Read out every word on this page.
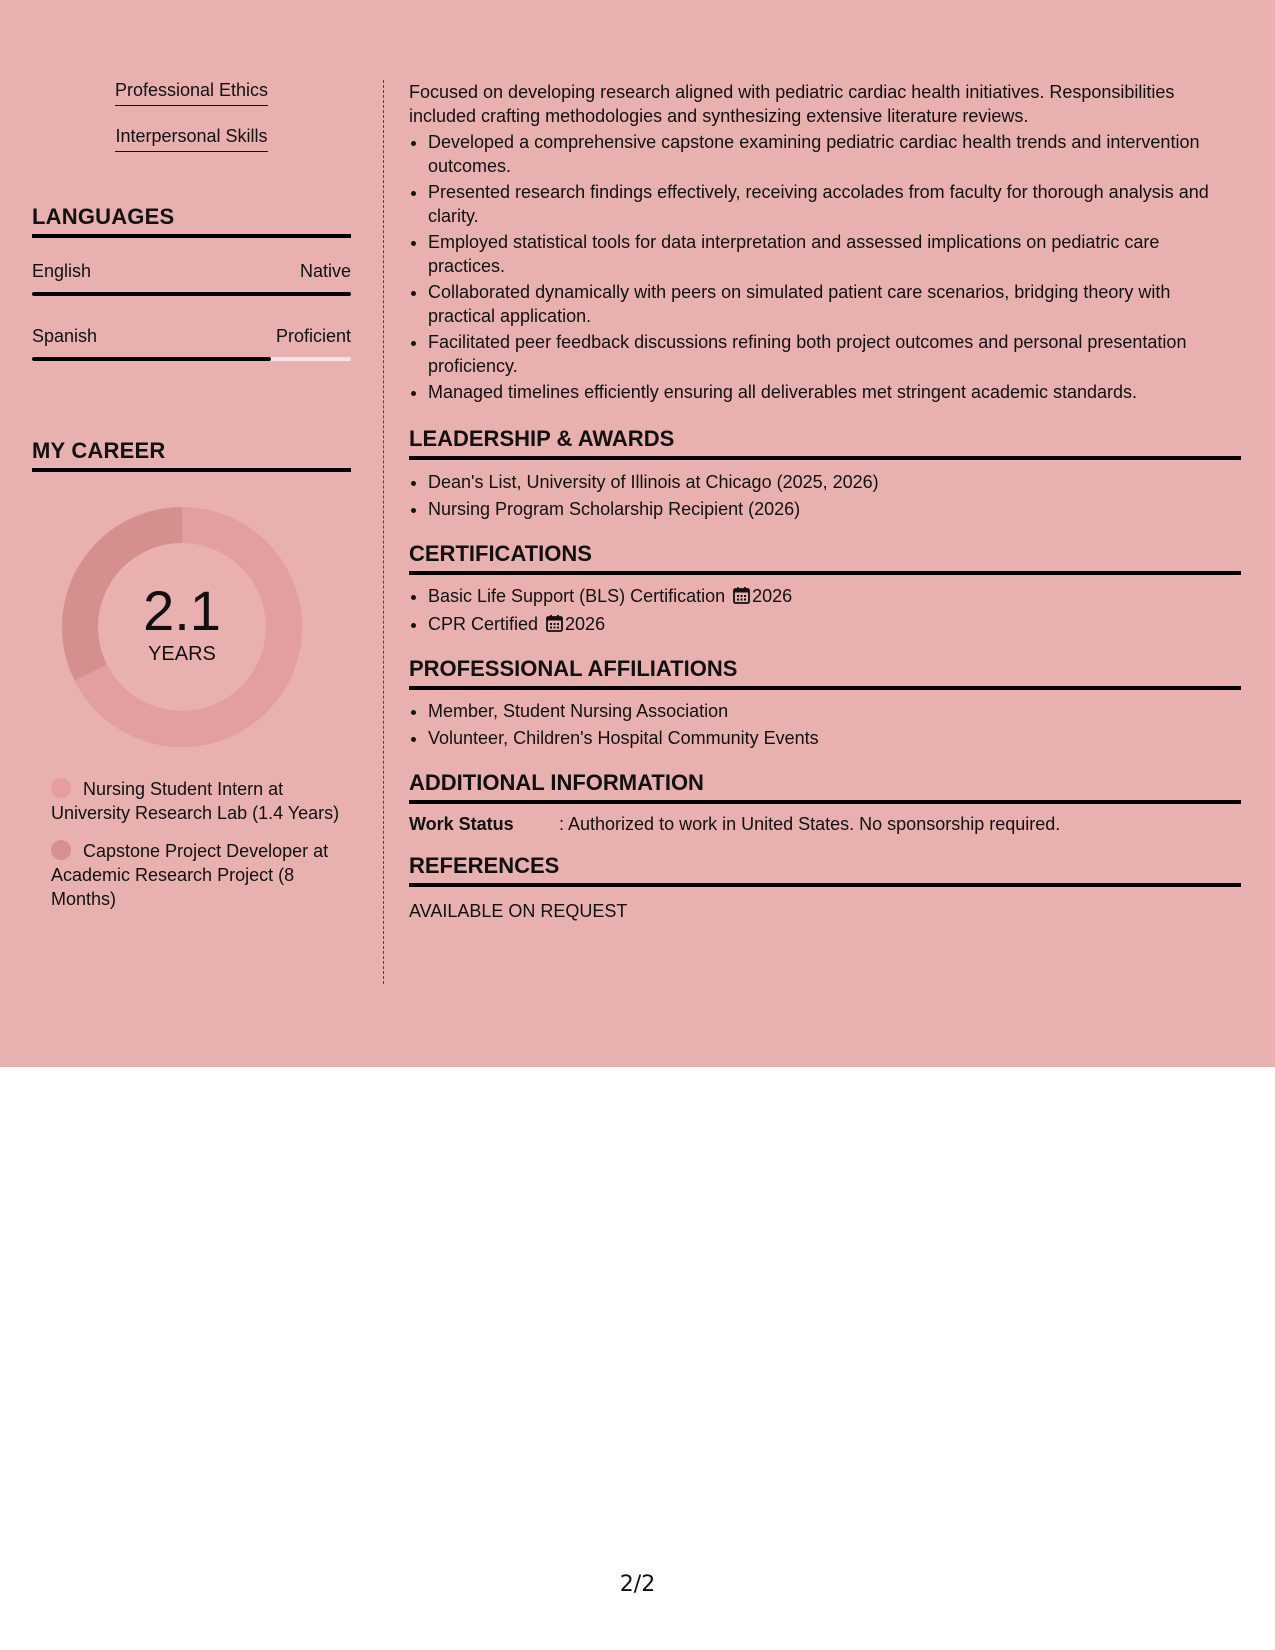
Professional Ethics
Interpersonal Skills
LANGUAGES
English	Native
Spanish	Proficient
MY CAREER
2.1
YEARS
Nursing Student Intern at University Research Lab (1.4 Years)
Capstone Project Developer at Academic Research Project (8 Months)

Focused on developing research aligned with pediatric cardiac health initiatives. Responsibilities included crafting methodologies and synthesizing extensive literature reviews.

• Developed a comprehensive capstone examining pediatric cardiac health trends and intervention outcomes.
• Presented research findings effectively, receiving accolades from faculty for thorough analysis and clarity.
• Employed statistical tools for data interpretation and assessed implications on pediatric care practices.
• Collaborated dynamically with peers on simulated patient care scenarios, bridging theory with practical application.
• Facilitated peer feedback discussions refining both project outcomes and personal presentation proficiency.
• Managed timelines efficiently ensuring all deliverables met stringent academic standards.
LEADERSHIP & AWARDS
• Dean's List, University of Illinois at Chicago (2025, 2026)
• Nursing Program Scholarship Recipient (2026)
CERTIFICATIONS
• Basic Life Support (BLS) Certification 2026
• CPR Certified 2026
PROFESSIONAL AFFILIATIONS
• Member, Student Nursing Association
• Volunteer, Children's Hospital Community Events
ADDITIONAL INFORMATION
Work Status	: Authorized to work in United States. No sponsorship required.
REFERENCES

AVAILABLE ON REQUEST

2/2
